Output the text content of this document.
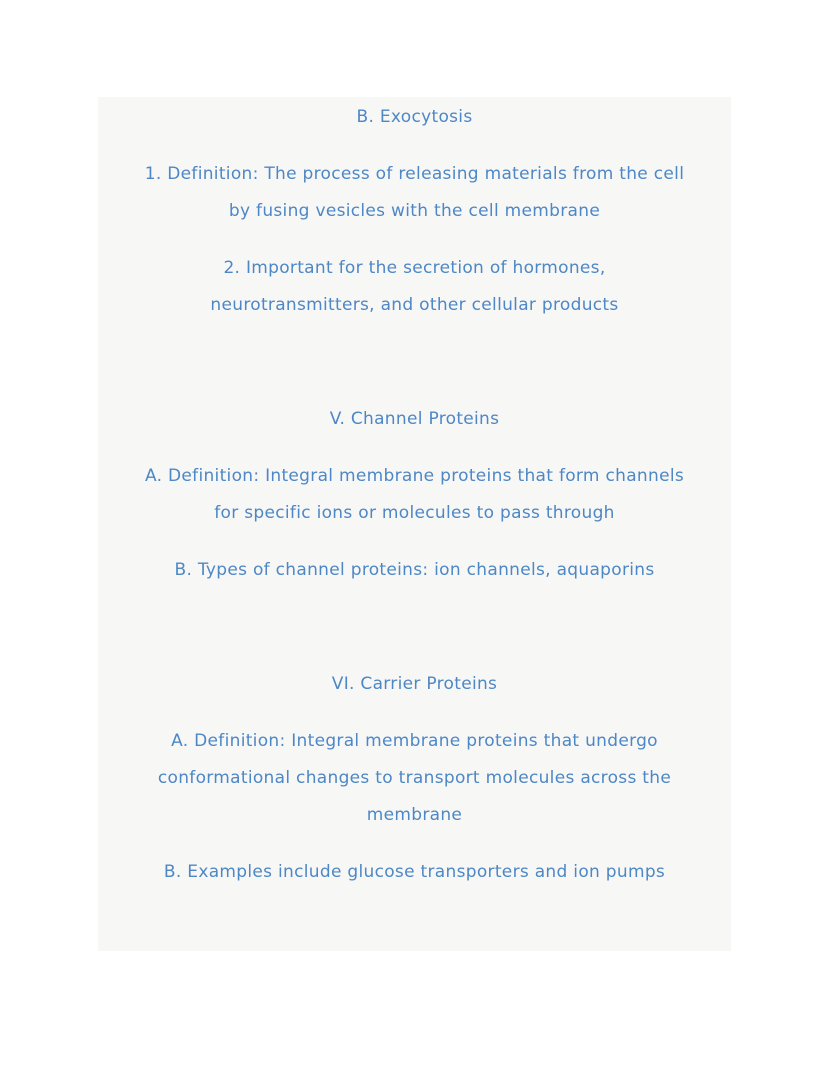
B. Exocytosis

1. Definition: The process of releasing materials from the cell

by fusing vesicles with the cell membrane

2. Important for the secretion of hormones,

neurotransmitters, and other cellular products

V. Channel Proteins

A. Definition: Integral membrane proteins that form channels

for specific ions or molecules to pass through

B. Types of channel proteins: ion channels, aquaporins

VI. Carrier Proteins

A. Definition: Integral membrane proteins that undergo

conformational changes to transport molecules across the

membrane

B. Examples include glucose transporters and ion pumps
